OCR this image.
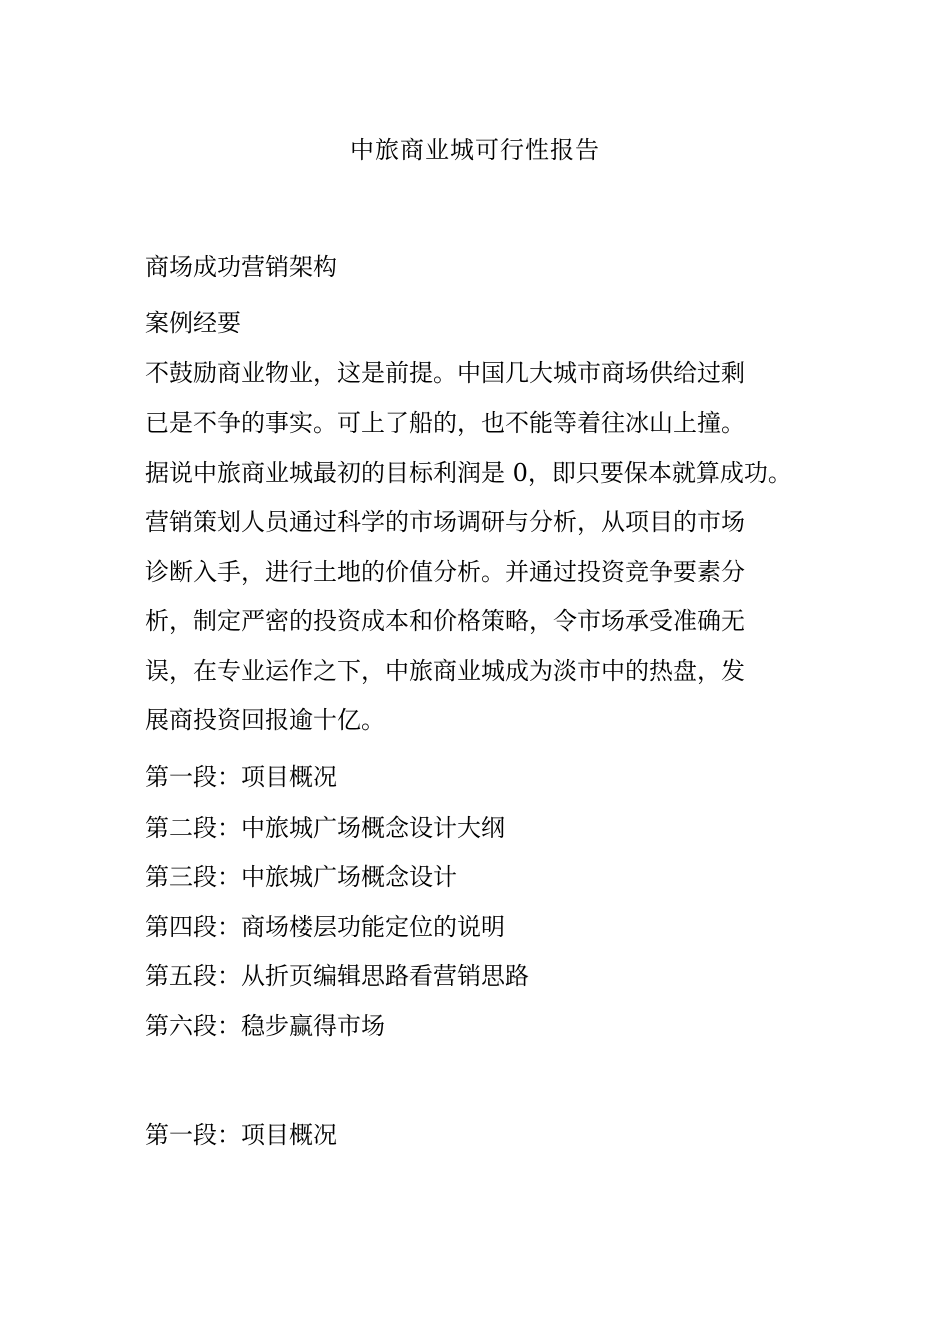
中旅商业城可行性报告
商场成功营销架构
案例经要
不鼓励商业物业，这是前提。中国几大城市商场供给过剩
已是不争的事实。可上了船的，也不能等着往冰山上撞。
据说中旅商业城最初的目标利润是 0，即只要保本就算成功。
营销策划人员通过科学的市场调研与分析，从项目的市场
诊断入手，进行土地的价值分析。并通过投资竞争要素分
析，制定严密的投资成本和价格策略，令市场承受准确无
误，在专业运作之下，中旅商业城成为淡市中的热盘，发
展商投资回报逾十亿。
第一段：项目概况
第二段：中旅城广场概念设计大纲
第三段：中旅城广场概念设计
第四段：商场楼层功能定位的说明
第五段：从折页编辑思路看营销思路
第六段：稳步赢得市场
第一段：项目概况
